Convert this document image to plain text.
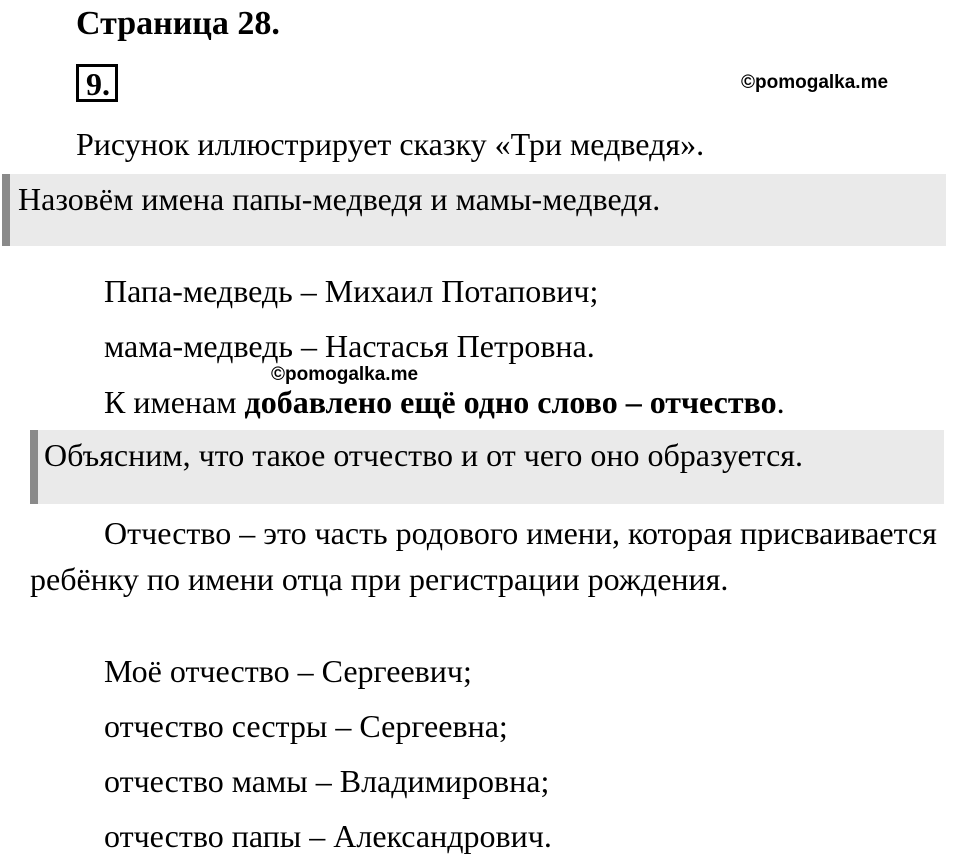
Страница 28.
9.	©pomogalka.me
Рисунок иллюстрирует сказку «Три медведя».
Назовём имена папы-медведя и мамы-медведя.
Папа-медведь – Михаил Потапович;
мама-медведь – Настасья Петровна.
©pomogalka.me
К именам добавлено ещё одно слово – отчество.
Объясним, что такое отчество и от чего оно образуется.
Отчество – это часть родового имени, которая присваивается ребёнку по имени отца при регистрации рождения.
Моё отчество – Сергеевич;
отчество сестры – Сергеевна;
отчество мамы – Владимировна;
отчество папы – Александрович.
